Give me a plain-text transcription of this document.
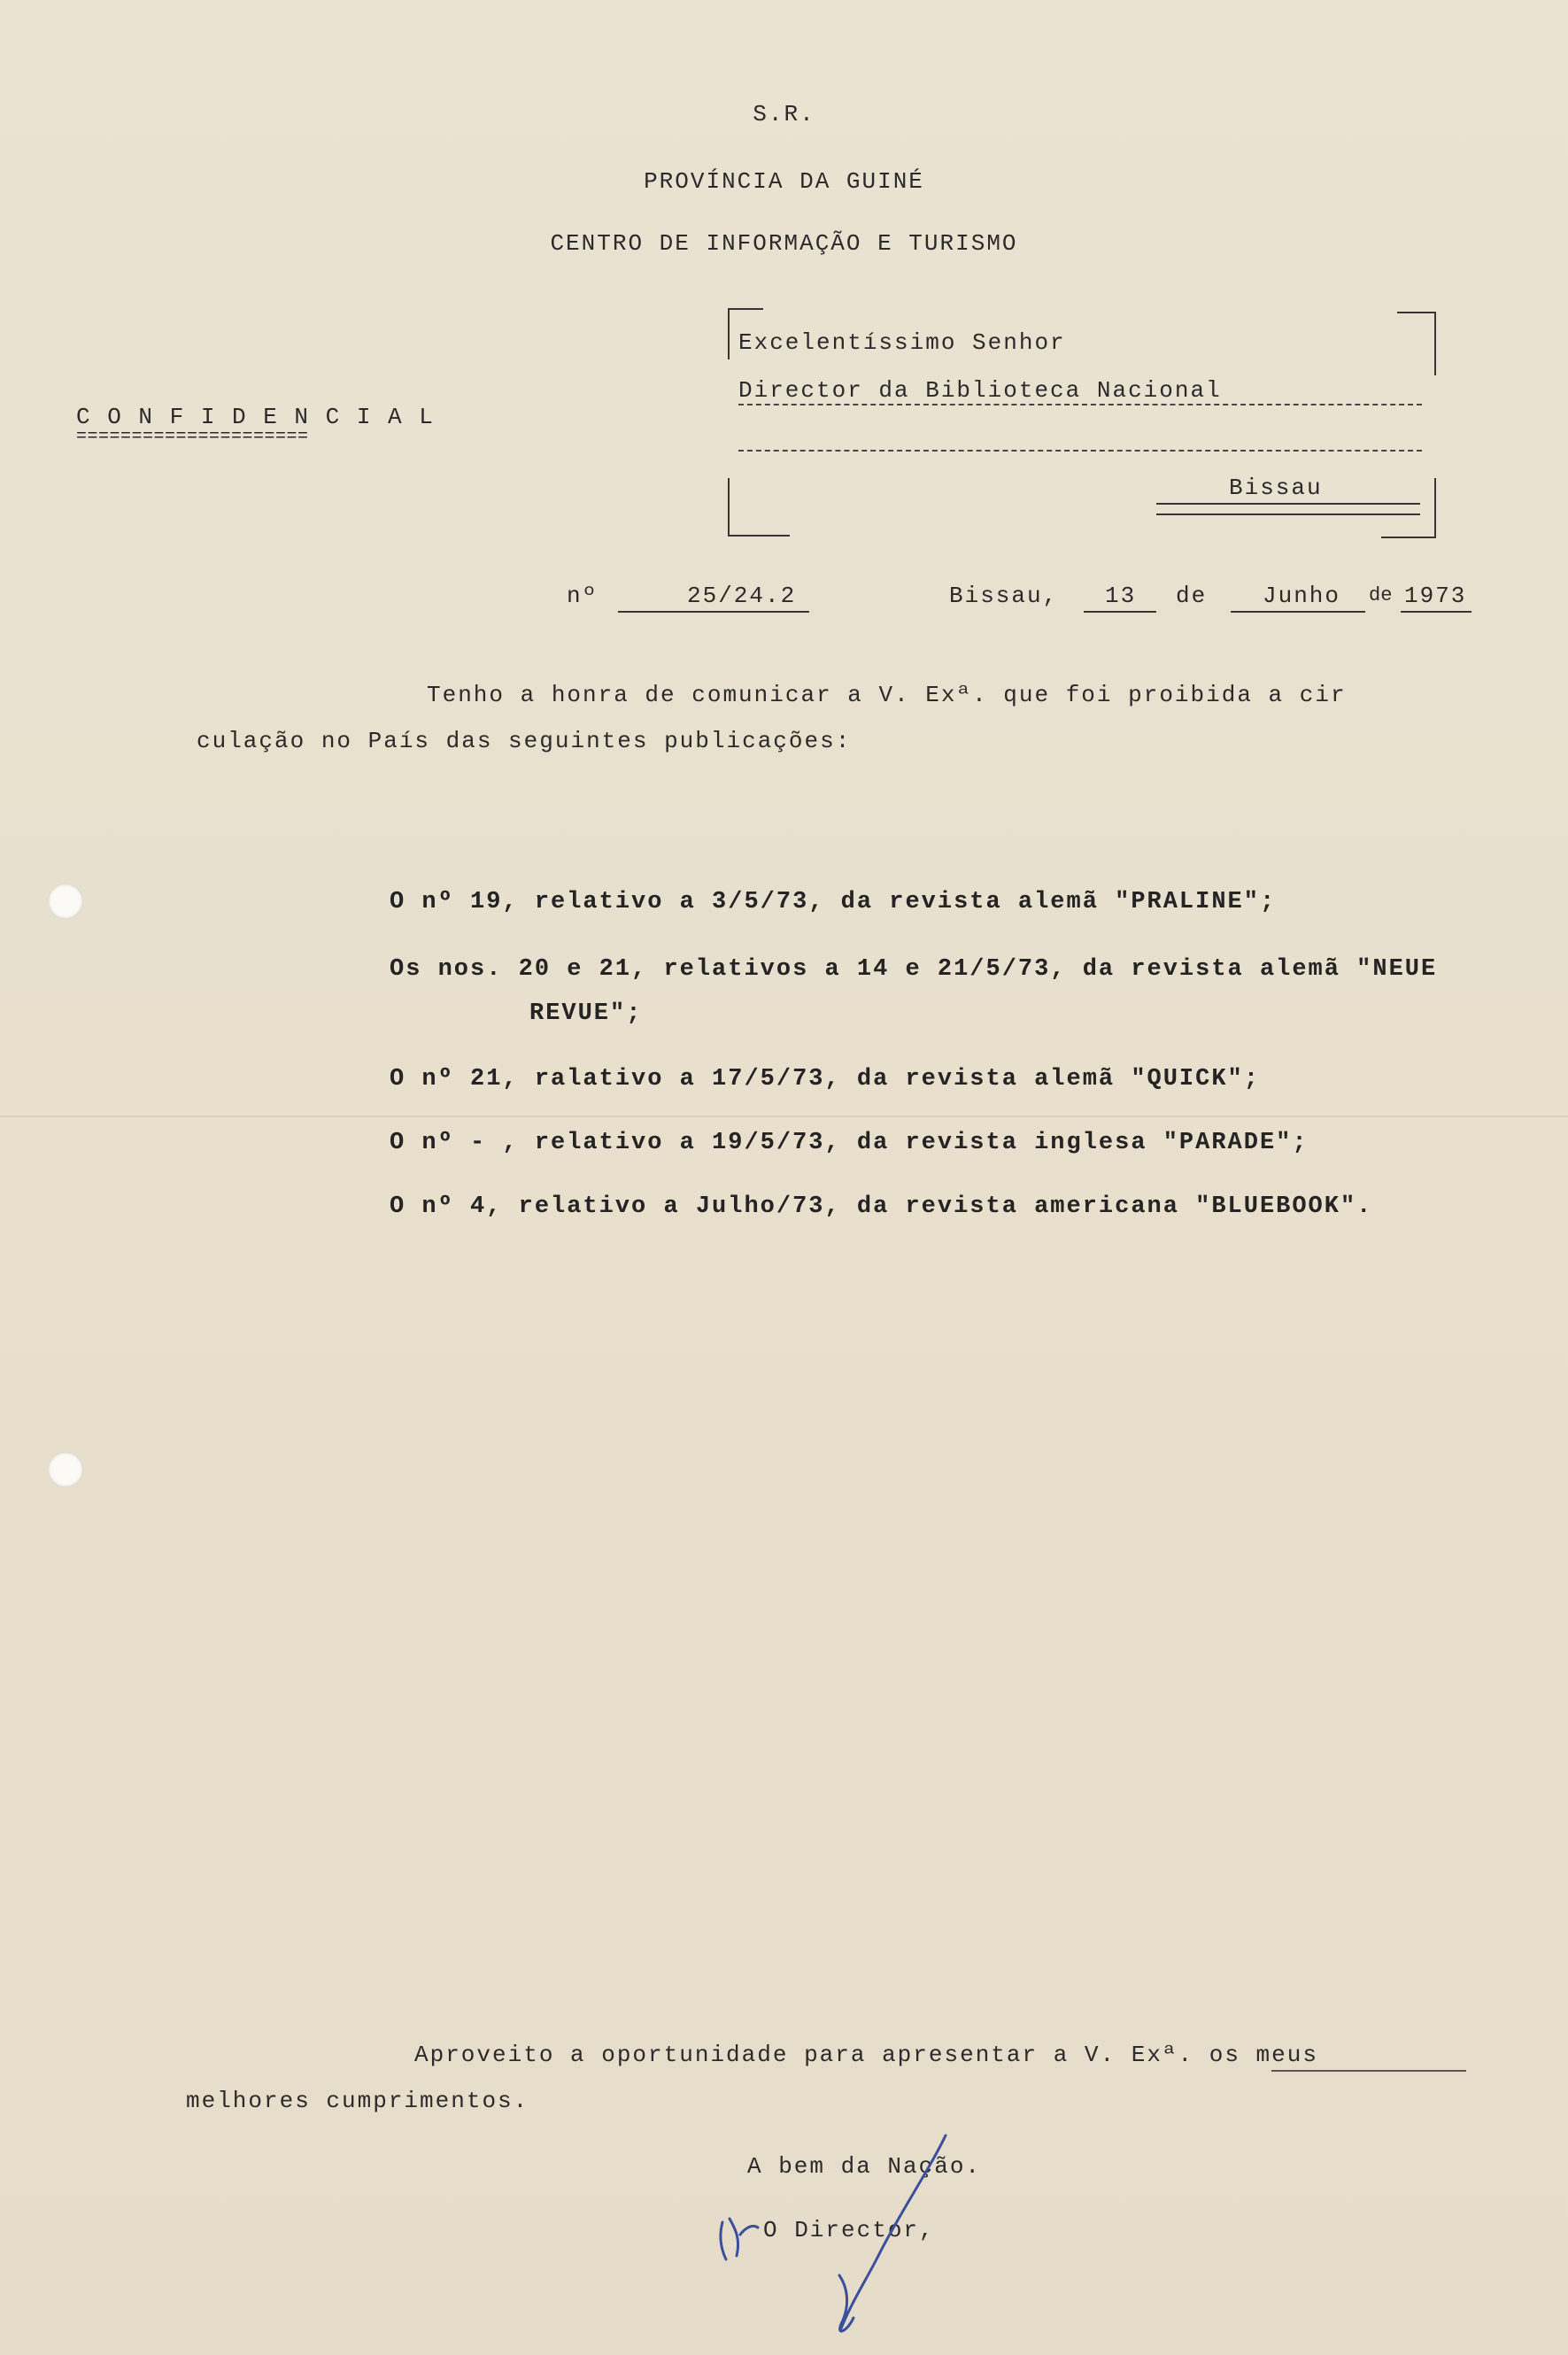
S.R.
PROVÍNCIA DA GUINÉ
CENTRO DE INFORMAÇÃO E TURISMO
C O N F I D E N C I A L
=====================
Excelentíssimo Senhor
Director da Biblioteca Nacional
Bissau
nº	25/24.2	Bissau, 13 de Junho de 1973
Tenho a honra de comunicar a V. Exª. que foi proibida a cir
culação no País das seguintes publicações:
O nº 19, relativo a 3/5/73, da revista alemã "PRALINE";
Os nos. 20 e 21, relativos a 14 e 21/5/73, da revista alemã "NEUE
REVUE";
O nº 21, ralativo a 17/5/73, da revista alemã "QUICK";
O nº - , relativo a 19/5/73, da revista inglesa "PARADE";
O nº 4, relativo a Julho/73, da revista americana "BLUEBOOK".
Aproveito a oportunidade para apresentar a V. Exª. os meus
melhores cumprimentos.
A bem da Nação.
O Director,
